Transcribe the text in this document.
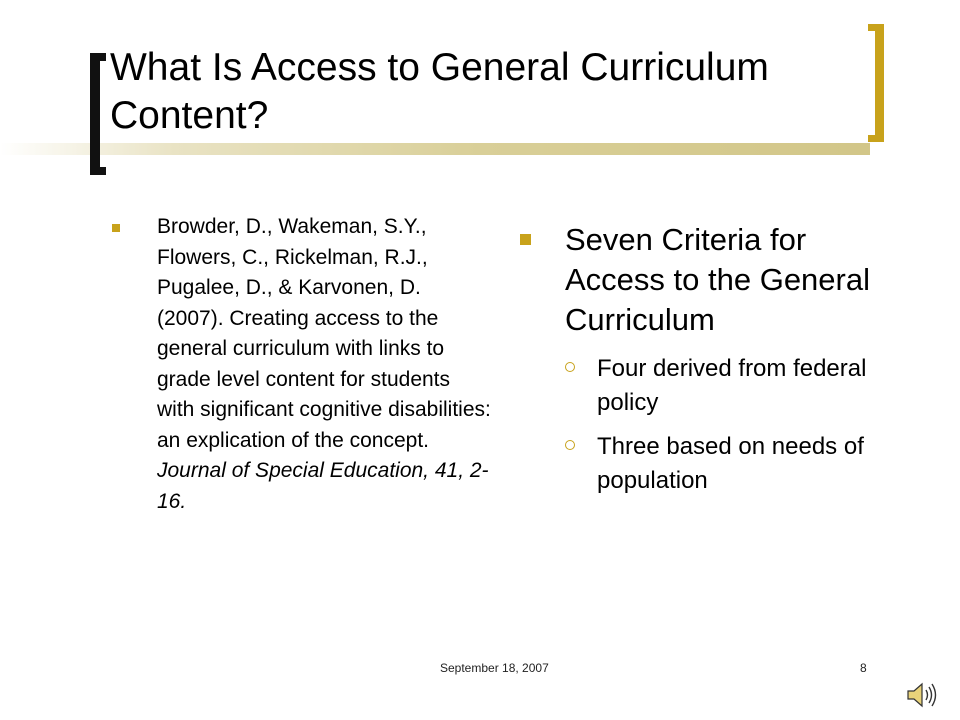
What Is Access to General Curriculum Content?
Browder, D., Wakeman, S.Y., Flowers, C., Rickelman, R.J., Pugalee, D., & Karvonen, D. (2007). Creating access to the general curriculum with links to grade level content for students with significant cognitive disabilities: an explication of the concept. Journal of Special Education, 41, 2-16.
Seven Criteria for Access to the General Curriculum
Four derived from federal policy
Three based on needs of population
September 18, 2007	8
